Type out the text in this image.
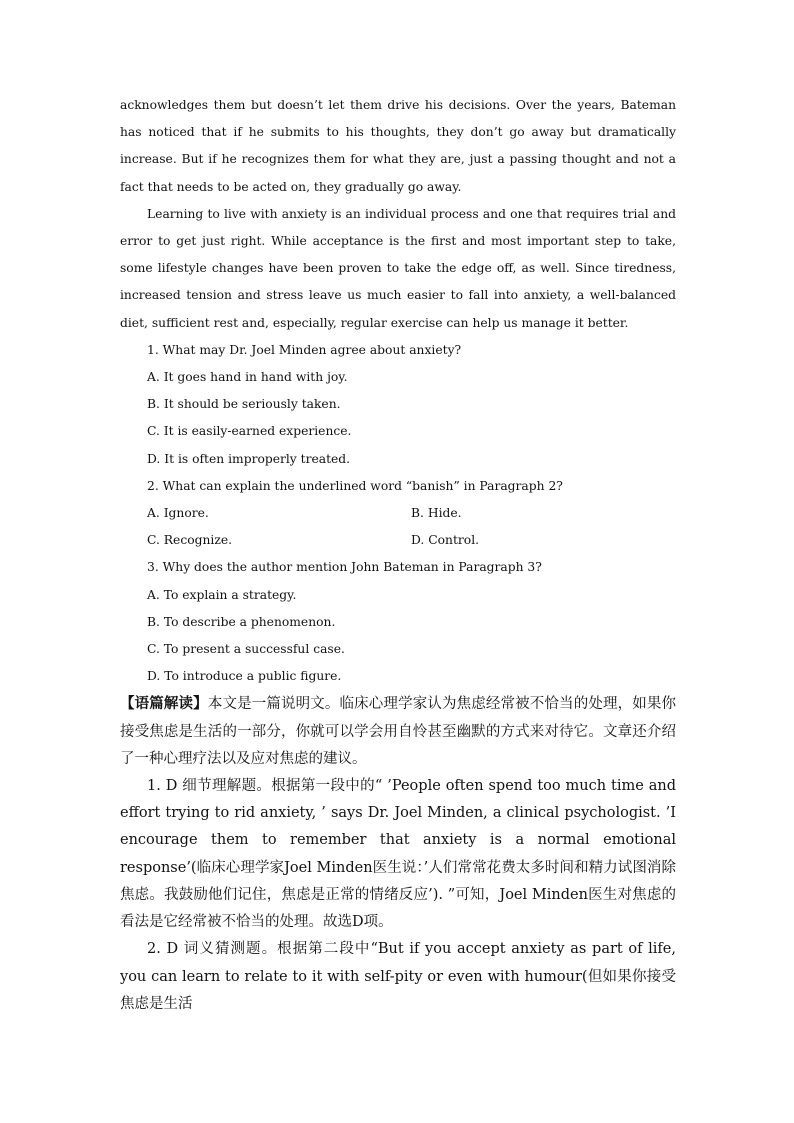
acknowledges them but doesn’t let them drive his decisions. Over the years, Bateman has noticed that if he submits to his thoughts, they don’t go away but dramatically increase. But if he recognizes them for what they are, just a passing thought and not a fact that needs to be acted on, they gradually go away.

Learning to live with anxiety is an individual process and one that requires trial and error to get just right. While acceptance is the first and most important step to take, some lifestyle changes have been proven to take the edge off, as well. Since tiredness, increased tension and stress leave us much easier to fall into anxiety, a well-balanced diet, sufficient rest and, especially, regular exercise can help us manage it better.

1. What may Dr. Joel Minden agree about anxiety?

A. It goes hand in hand with joy.

B. It should be seriously taken.

C. It is easily-earned experience.

D. It is often improperly treated.

2. What can explain the underlined word “banish” in Paragraph 2?

A. Ignore.	B. Hide.
C. Recognize.	D. Control.

3. Why does the author mention John Bateman in Paragraph 3?

A. To explain a strategy.

B. To describe a phenomenon.

C. To present a successful case.

D. To introduce a public figure.

【语篇解读】本文是一篇说明文。临床心理学家认为焦虑经常被不恰当的处理，如果你接受焦虑是生活的一部分，你就可以学会用自怜甚至幽默的方式来对待它。文章还介绍了一种心理疗法以及应对焦虑的建议。

1. D 细节理解题。根据第一段中的“ ’People often spend too much time and effort trying to rid anxiety, ’ says Dr. Joel Minden, a clinical psychologist. ’I encourage them to remember that anxiety is a normal emotional response’(临床心理学家Joel Minden医生说：’人们常常花费太多时间和精力试图消除焦虑。我鼓励他们记住，焦虑是正常的情绪反应’). ”可知，Joel Minden医生对焦虑的看法是它经常被不恰当的处理。故选D项。

2. D 词义猜测题。根据第二段中“But if you accept anxiety as part of life, you can learn to relate to it with self-pity or even with humour(但如果你接受焦虑是生活
